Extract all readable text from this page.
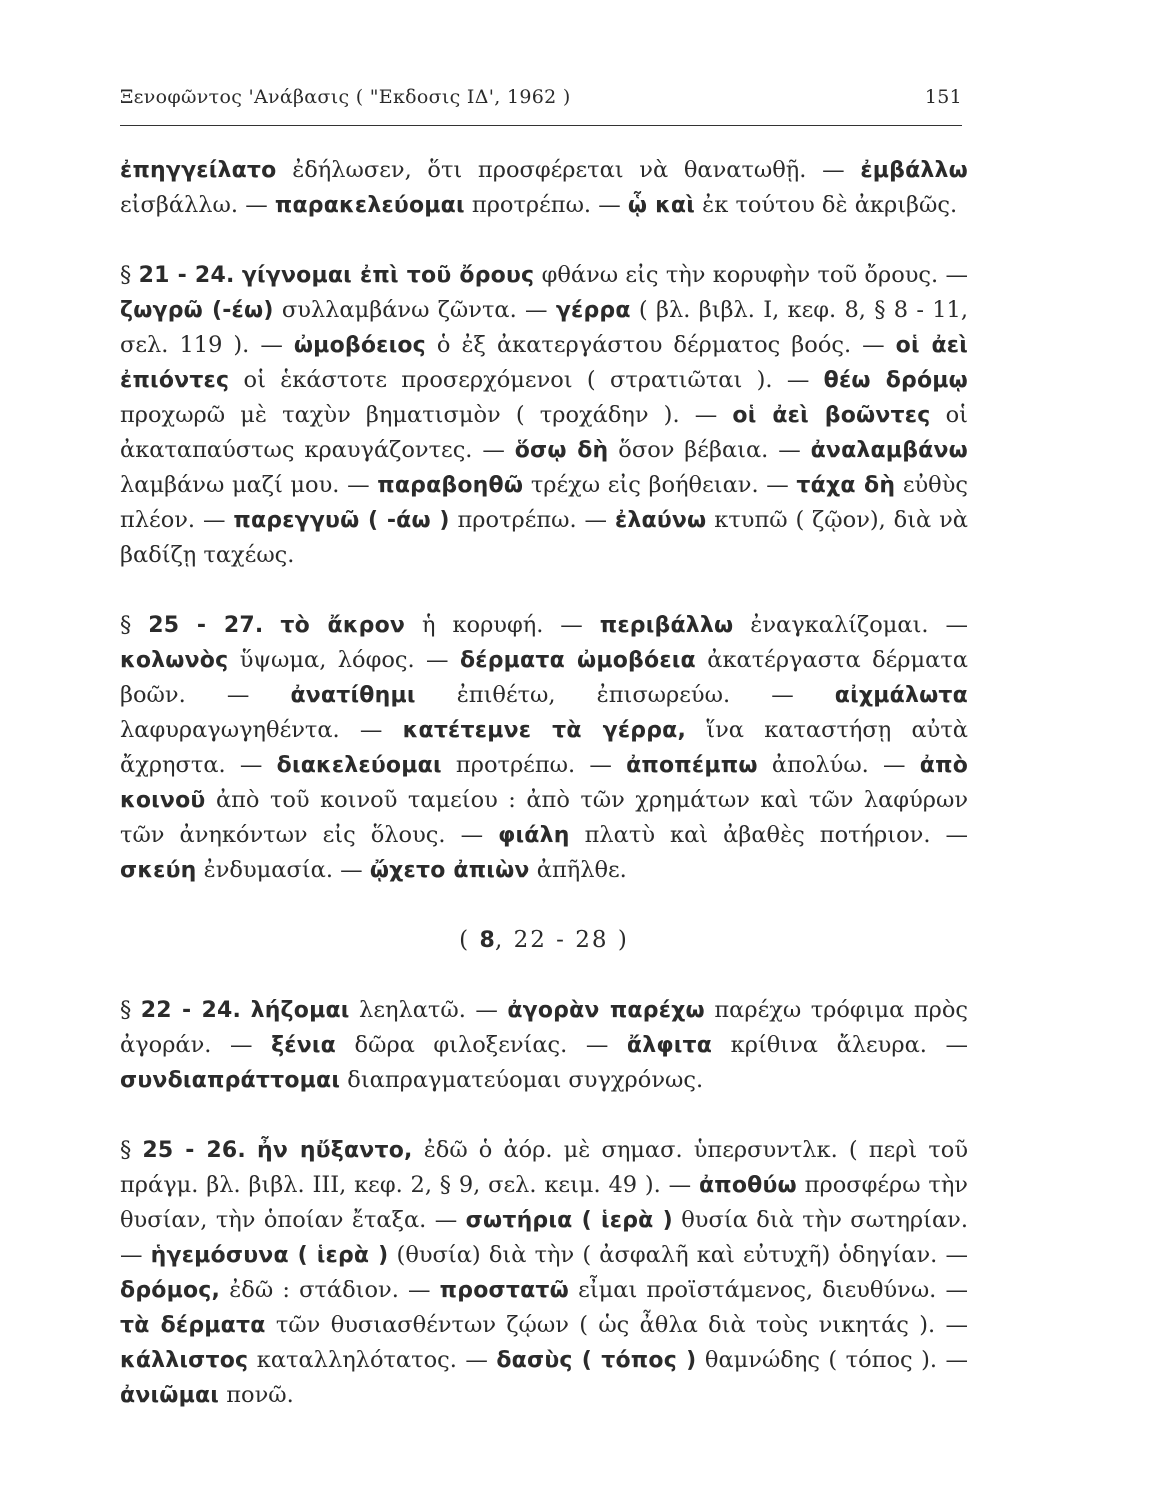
Ξενοφῶντος 'Ανάβασις ( "Εκδοσις ΙΔ', 1962 )	151

ἐπηγγείλατο ἐδήλωσεν, ὅτι προσφέρεται νὰ θανατωθῇ. — ἐμβάλλω εἰσβάλλω. — παρακελεύομαι προτρέπω. — ᾧ καὶ ἐκ τούτου δὲ ἀκριβῶς.

§ 21 - 24. γίγνομαι ἐπὶ τοῦ ὄρους φθάνω εἰς τὴν κορυφὴν τοῦ ὄρους. — ζωγρῶ (-έω) συλλαμβάνω ζῶντα. — γέρρα ( βλ. βιβλ. Ι, κεφ. 8, § 8 - 11, σελ. 119 ). — ὠμοβόειος ὁ ἐξ ἀκατεργάστου δέρματος βοός. — οἱ ἀεὶ ἐπιόντες οἱ ἑκάστοτε προσερχόμενοι ( στρατιῶται ). — θέω δρόμῳ προχωρῶ μὲ ταχὺν βηματισμὸν ( τροχάδην ). — οἱ ἀεὶ βοῶντες οἱ ἀκαταπαύστως κραυγάζοντες. — ὅσῳ δὴ ὅσον βέβαια. — ἀναλαμβάνω λαμβάνω μαζί μου. — παραβοηθῶ τρέχω εἰς βοήθειαν. — τάχα δὴ εὐθὺς πλέον. — παρεγγυῶ ( -άω ) προτρέπω. — ἐλαύνω κτυπῶ ( ζῷον), διὰ νὰ βαδίζῃ ταχέως.

§ 25 - 27. τὸ ἄκρον ἡ κορυφή. — περιβάλλω ἐναγκαλίζομαι. — κολωνὸς ὕψωμα, λόφος. — δέρματα ὠμοβόεια ἀκατέργαστα δέρματα βοῶν. — ἀνατίθημι ἐπιθέτω, ἐπισωρεύω. — αἰχμάλωτα λαφυραγωγηθέντα. — κατέτεμνε τὰ γέρρα, ἵνα καταστήσῃ αὐτὰ ἄχρηστα. — διακελεύομαι προτρέπω. — ἀποπέμπω ἀπολύω. — ἀπὸ κοινοῦ ἀπὸ τοῦ κοινοῦ ταμείου : ἀπὸ τῶν χρημάτων καὶ τῶν λαφύρων τῶν ἀνηκόντων εἰς ὅλους. — φιάλη πλατὺ καὶ ἀβαθὲς ποτήριον. — σκεύη ἐνδυμασία. — ᾤχετο ἀπιὼν ἀπῆλθε.

( 8, 22 - 28 )

§ 22 - 24. λήζομαι λεηλατῶ. — ἀγορὰν παρέχω παρέχω τρόφιμα πρὸς ἀγοράν. — ξένια δῶρα φιλοξενίας. — ἄλφιτα κρίθινα ἄλευρα. — συνδιαπράττομαι διαπραγματεύομαι συγχρόνως.

§ 25 - 26. ἦν ηὔξαντο, ἐδῶ ὁ ἀόρ. μὲ σημασ. ὑπερσυντλκ. ( περὶ τοῦ πράγμ. βλ. βιβλ. ΙΙΙ, κεφ. 2, § 9, σελ. κειμ. 49 ). — ἀποθύω προσφέρω τὴν θυσίαν, τὴν ὁποίαν ἔταξα. — σωτήρια ( ἱερὰ ) θυσία διὰ τὴν σωτηρίαν. — ἡγεμόσυνα ( ἱερὰ ) (θυσία) διὰ τὴν ( ἀσφαλῆ καὶ εὐτυχῆ) ὁδηγίαν. — δρόμος, ἐδῶ : στάδιον. — προστατῶ εἶμαι προϊστάμενος, διευθύνω. — τὰ δέρματα τῶν θυσιασθέντων ζῴων ( ὡς ἆθλα διὰ τοὺς νικητάς ). — κάλλιστος καταλληλότατος. — δασὺς ( τόπος ) θαμνώδης ( τόπος ). — ἀνιῶμαι πονῶ.
